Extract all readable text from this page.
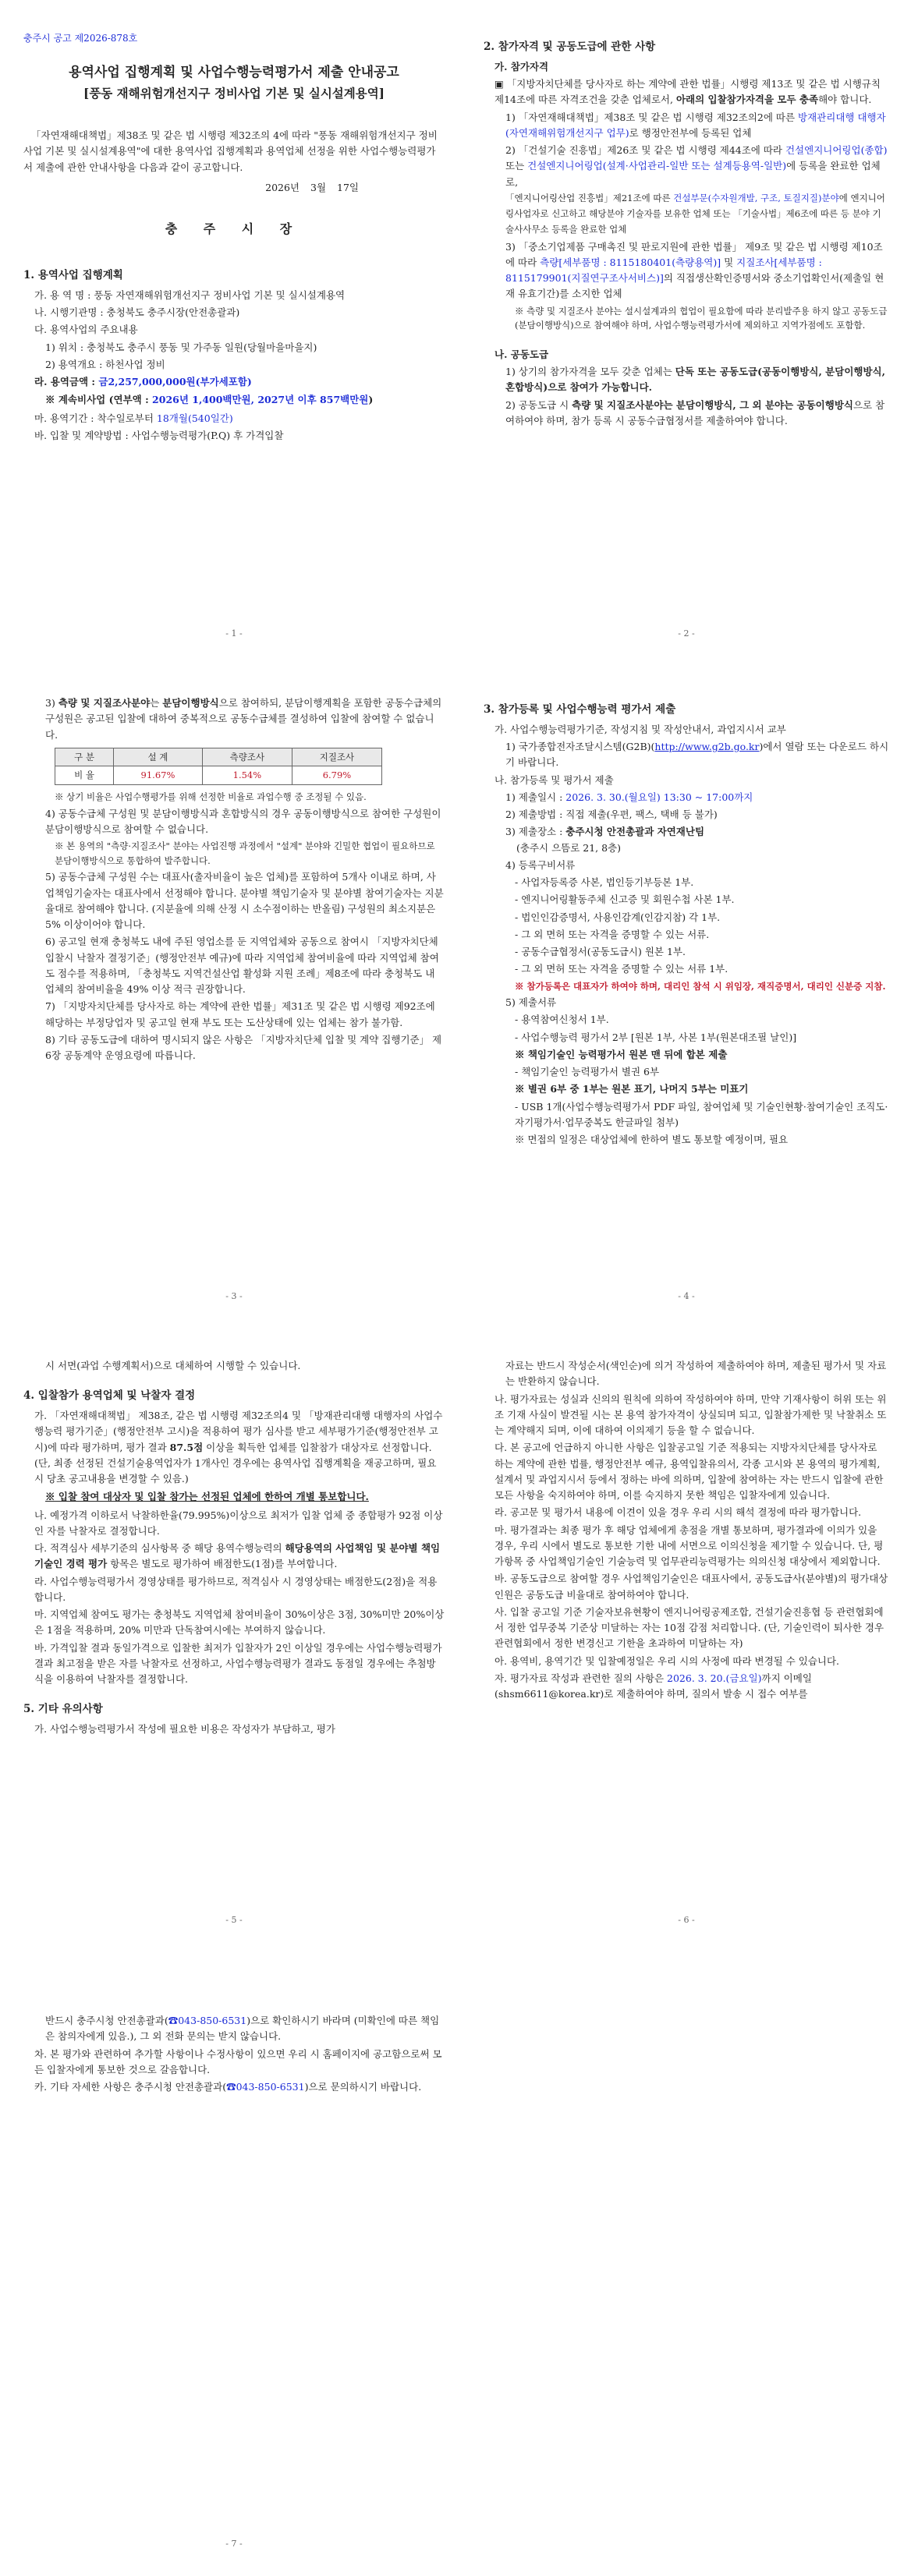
충주시 공고 제2026-878호
용역사업 집행계획 및 사업수행능력평가서 제출 안내공고
[풍동 재해위험개선지구 정비사업 기본 및 실시설계용역]

「자연재해대책법」제38조 및 같은 법 시행령 제32조의 4에 따라 "풍동 재해위험개선지구 정비사업 기본 및 실시설계용역"에 대한 용역사업 집행계획과 용역업체 선정을 위한 사업수행능력평가서 제출에 관한 안내사항을 다음과 같이 공고합니다.

2026년 3월 17일
충 주 시 장
1. 용역사업 집행계획
가. 용 역 명 : 풍동 자연재해위험개선지구 정비사업 기본 및 실시설계용역
나. 시행기관명 : 충청북도 충주시장(안전총괄과)
다. 용역사업의 주요내용
1) 위치 : 충청북도 충주시 풍동 및 가주동 일원(당월마을마을지)
2) 용역개요 : 하천사업 정비
라. 용역금액 : 금2,257,000,000원(부가세포함)
※ 계속비사업 (연부액 : 2026년 1,400백만원, 2027년 이후 857백만원)
마. 용역기간 : 착수일로부터 18개월(540일간)
바. 입찰 및 계약방법 : 사업수행능력평가(P.Q) 후 가격입찰
- 1 -
2. 참가자격 및 공동도급에 관한 사항
가. 참가자격
▣ 「지방자치단체를 당사자로 하는 계약에 관한 법률」시행령 제13조 및 같은 법 시행규칙 제14조에 따른 자격조건을 갖춘 업체로서, 아래의 입찰참가자격을 모두 충족해야 합니다.
1) 「자연재해대책법」제38조 및 같은 법 시행령 제32조의2에 따른 방재관리대행 대행자(자연재해위험개선지구 업무)로 행정안전부에 등록된 업체
2) 「건설기술 진흥법」제26조 및 같은 법 시행령 제44조에 따라 건설엔지니어링업(종합) 또는 건설엔지니어링업(설계·사업관리-일반 또는 설계등용역-일반)에 등록을 완료한 업체로,
「엔지니어링산업 진흥법」제21조에 따른 건설부문(수자원개발, 구조, 토질지질)분야에 엔지니어링사업자로 신고하고 해당분야 기술자를 보유한 업체 또는 「기술사법」제6조에 따른 등 분야 기술사사무소 등록을 완료한 업체
3) 「중소기업제품 구매촉진 및 판로지원에 관한 법률」 제9조 및 같은 법 시행령 제10조에 따라 측량[세부품명 : 8115180401(측량용역)] 및 지질조사[세부품명 : 8115179901(지질연구조사서비스)]의 직접생산확인증명서와 중소기업확인서(제출일 현재 유효기간)를 소지한 업체
※ 측량 및 지질조사 분야는 설시설계과의 협업이 필요함에 따라 분리발주용 하지 않고 공동도급(분담이행방식)으로 참여해야 하며, 사업수행능력평가서에 제외하고 지역가점에도 포함함.
나. 공동도급
1) 상기의 참가자격을 모두 갖춘 업체는 단독 또는 공동도급(공동이행방식, 분담이행방식, 혼합방식)으로 참여가 가능합니다.
2) 공동도급 시 측량 및 지질조사분야는 분담이행방식, 그 외 분야는 공동이행방식으로 참여하여야 하며, 참가 등록 시 공동수급협정서를 제출하여야 합니다.
- 2 -
3) 측량 및 지질조사분야는 분담이행방식으로 참여하되, 분담이행계획을 포함한 공동수급체의 구성원은 공고된 입찰에 대하여 중복적으로 공동수급체를 결성하여 입찰에 참여할 수 없습니다.
구 분	설 계	측량조사	지질조사
비 율	91.67%	1.54%	6.79%
※ 상기 비율은 사업수행평가를 위해 선정한 비율로 과업수행 중 조정될 수 있음.
4) 공동수급체 구성원 및 분담이행방식과 혼합방식의 경우 공동이행방식으로 참여한 구성원이 분담이행방식으로 참여할 수 없습니다.
※ 본 용역의 "측량·지질조사" 분야는 사업진행 과정에서 "설계" 분야와 긴밀한 협업이 필요하므로 분담이행방식으로 통합하여 발주합니다.
5) 공동수급체 구성원 수는 대표사(출자비율이 높은 업체)를 포함하여 5개사 이내로 하며, 사업책임기술자는 대표사에서 선정해야 합니다. 분야별 책임기술자 및 분야별 참여기술자는 지분율대로 참여해야 합니다. (지분율에 의해 산정 시 소수점이하는 반올림) 구성원의 최소지분은 5% 이상이어야 합니다.
6) 공고일 현재 충청북도 내에 주된 영업소를 둔 지역업체와 공동으로 참여시 「지방자치단체 입찰시 낙찰자 결정기준」(행정안전부 예규)에 따라 지역업체 참여비율에 따라 지역업체 참여도 점수를 적용하며, 「충청북도 지역건설산업 활성화 지원 조례」제8조에 따라 충청북도 내 업체의 참여비율을 49% 이상 적극 권장합니다.
7) 「지방자치단체를 당사자로 하는 계약에 관한 법률」제31조 및 같은 법 시행령 제92조에 해당하는 부정당업자 및 공고일 현재 부도 또는 도산상태에 있는 업체는 참가 불가함.
8) 기타 공동도급에 대하여 명시되지 않은 사항은 「지방자치단체 입찰 및 계약 집행기준」 제6장 공동계약 운영요령에 따릅니다.
- 3 -
3. 참가등록 및 사업수행능력 평가서 제출
가. 사업수행능력평가기준, 작성지침 및 작성안내서, 과업지시서 교부
1) 국가종합전자조달시스템(G2B)(http://www.g2b.go.kr)에서 열람 또는 다운로드 하시기 바랍니다.
나. 참가등록 및 평가서 제출
1) 제출일시 : 2026. 3. 30.(월요일) 13:30 ~ 17:00까지
2) 제출방법 : 직접 제출(우편, 팩스, 택배 등 불가)
3) 제출장소 : 충주시청 안전총괄과 자연재난팀
(충주시 으뜸로 21, 8층)
4) 등록구비서류
- 사업자등록증 사본, 법인등기부등본 1부.
- 엔지니어링활동주체 신고증 및 회원수첩 사본 1부.
- 법인인감증명서, 사용인감계(인감지참) 각 1부.
- 그 외 면허 또는 자격을 증명할 수 있는 서류.
- 공동수급협정서(공동도급시) 원본 1부.
- 그 외 면허 또는 자격을 증명할 수 있는 서류 1부.
※ 참가등록은 대표자가 하여야 하며, 대리인 참석 시 위임장, 재직증명서, 대리인 신분증 지참.
5) 제출서류
- 용역참여신청서 1부.
- 사업수행능력 평가서 2부 [원본 1부, 사본 1부(원본대조필 날인)]
※ 책임기술인 능력평가서 원본 맨 뒤에 합본 제출
- 책임기술인 능력평가서 별권 6부
※ 별권 6부 중 1부는 원본 표기, 나머지 5부는 미표기
- USB 1개(사업수행능력평가서 PDF 파일, 참여업체 및 기술인현황·참여기술인 조직도·자기평가서·업무중복도 한글파일 첨부)
※ 면접의 일정은 대상업체에 한하여 별도 통보할 예정이며, 필요
- 4 -
시 서면(과업 수행계획서)으로 대체하여 시행할 수 있습니다.
4. 입찰참가 용역업체 및 낙찰자 결정
가. 「자연재해대책법」 제38조, 같은 법 시행령 제32조의4 및 「방재관리대행 대행자의 사업수행능력 평가기준」(행정안전부 고시)을 적용하여 평가 심사를 받고 세부평가기준(행정안전부 고시)에 따라 평가하며, 평가 결과 87.5점 이상을 획득한 업체를 입찰참가 대상자로 선정합니다. (단, 최종 선정된 건설기술용역업자가 1개사인 경우에는 용역사업 집행계획을 재공고하며, 필요 시 당초 공고내용을 변경할 수 있음.)
※ 입찰 참여 대상자 및 입찰 참가는 선정된 업체에 한하여 개별 통보합니다.
나. 예정가격 이하로서 낙찰하한율(79.995%)이상으로 최저가 입찰 업체 중 종합평가 92점 이상인 자를 낙찰자로 결정합니다.
다. 적격심사 세부기준의 심사항목 중 해당 용역수행능력의 해당용역의 사업책임 및 분야별 책임기술인 경력 평가 항목은 별도로 평가하여 배점한도(1점)를 부여합니다.
라. 사업수행능력평가서 경영상태를 평가하므로, 적격심사 시 경영상태는 배점한도(2점)을 적용합니다.
마. 지역업체 참여도 평가는 충청북도 지역업체 참여비율이 30%이상은 3점, 30%미만 20%이상은 1점을 적용하며, 20% 미만과 단독참여시에는 부여하지 않습니다.
바. 가격입찰 결과 동일가격으로 입찰한 최저가 입찰자가 2인 이상일 경우에는 사업수행능력평가 결과 최고점을 받은 자를 낙찰자로 선정하고, 사업수행능력평가 결과도 동점일 경우에는 추첨방식을 이용하여 낙찰자를 결정합니다.
5. 기타 유의사항
가. 사업수행능력평가서 작성에 필요한 비용은 작성자가 부담하고, 평가
- 5 -
자료는 반드시 작성순서(색인순)에 의거 작성하여 제출하여야 하며, 제출된 평가서 및 자료는 반환하지 않습니다.
나. 평가자료는 성실과 신의의 원칙에 의하여 작성하여야 하며, 만약 기재사항이 허위 또는 위조 기재 사실이 발견될 시는 본 용역 참가자격이 상실되며 되고, 입찰참가제한 및 낙찰취소 또는 계약해지 되며, 이에 대하여 이의제기 등을 할 수 없습니다.
다. 본 공고에 언급하지 아니한 사항은 입찰공고일 기준 적용되는 지방자치단체를 당사자로 하는 계약에 관한 법률, 행정안전부 예규, 용역입찰유의서, 각종 고시와 본 용역의 평가계획, 설계서 및 과업지시서 등에서 정하는 바에 의하며, 입찰에 참여하는 자는 반드시 입찰에 관한 모든 사항을 숙지하여야 하며, 이를 숙지하지 못한 책임은 입찰자에게 있습니다.
라. 공고문 및 평가서 내용에 이견이 있을 경우 우리 시의 해석 결정에 따라 평가합니다.
마. 평가결과는 최종 평가 후 해당 업체에게 총점을 개별 통보하며, 평가결과에 이의가 있을 경우, 우리 시에서 별도로 통보한 기한 내에 서면으로 이의신청을 제기할 수 있습니다. 단, 평가항목 중 사업책임기술인 기술능력 및 업무관리능력평가는 의의신청 대상에서 제외합니다.
바. 공동도급으로 참여할 경우 사업책임기술인은 대표사에서, 공동도급사(분야별)의 평가대상 인원은 공동도급 비율대로 참여하여야 합니다.
사. 입찰 공고일 기준 기술자보유현황이 엔지니어링공제조합, 건설기술진흥협 등 관련협회에서 정한 업무중복 기준상 미달하는 자는 10점 감점 처리합니다. (단, 기술인력이 퇴사한 경우 관련협회에서 정한 변경신고 기한을 초과하여 미달하는 자)
아. 용역비, 용역기간 및 입찰예정일은 우리 시의 사정에 따라 변경될 수 있습니다.
자. 평가자료 작성과 관련한 질의 사항은 2026. 3. 20.(금요일)까지 이메일(shsm6611@korea.kr)로 제출하여야 하며, 질의서 발송 시 접수 여부를
- 6 -
반드시 충주시청 안전총괄과(☎043-850-6531)으로 확인하시기 바라며 (미확인에 따른 책임은 참의자에게 있음.), 그 외 전화 문의는 받지 않습니다.
차. 본 평가와 관련하여 추가할 사항이나 수정사항이 있으면 우리 시 홈페이지에 공고함으로써 모든 입찰자에게 통보한 것으로 갈음합니다.
카. 기타 자세한 사항은 충주시청 안전총괄과(☎043-850-6531)으로 문의하시기 바랍니다.
- 7 -
